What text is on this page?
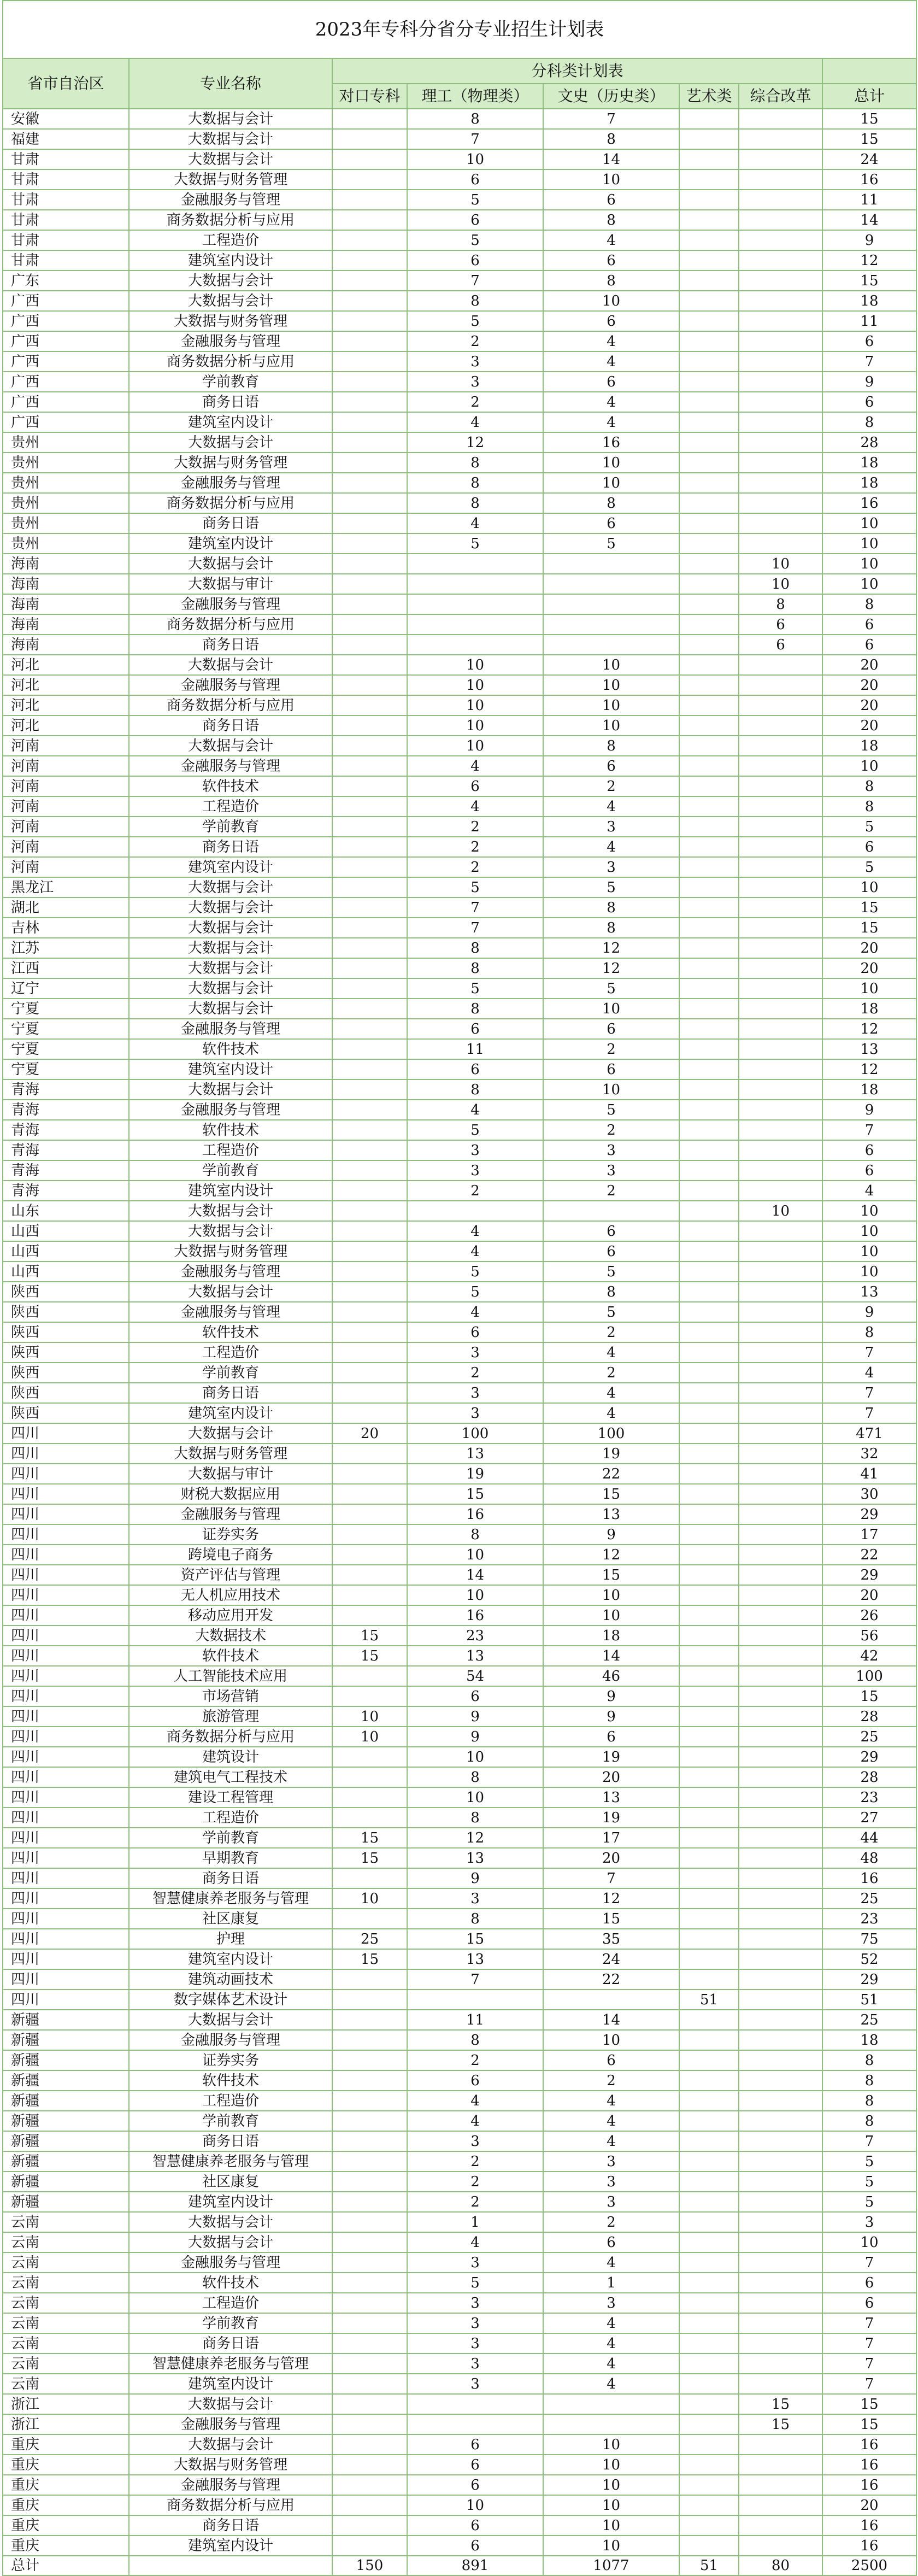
2023年专科分省分专业招生计划表							
省市自治区	专业名称	分科类计划表					
		对口专科	理工（物理类）	文史（历史类）	艺术类	综合改革	总计
安徽	大数据与会计		8	7			15
福建	大数据与会计		7	8			15
甘肃	大数据与会计		10	14			24
甘肃	大数据与财务管理		6	10			16
甘肃	金融服务与管理		5	6			11
甘肃	商务数据分析与应用		6	8			14
甘肃	工程造价		5	4			9
甘肃	建筑室内设计		6	6			12
广东	大数据与会计		7	8			15
广西	大数据与会计		8	10			18
广西	大数据与财务管理		5	6			11
广西	金融服务与管理		2	4			6
广西	商务数据分析与应用		3	4			7
广西	学前教育		3	6			9
广西	商务日语		2	4			6
广西	建筑室内设计		4	4			8
贵州	大数据与会计		12	16			28
贵州	大数据与财务管理		8	10			18
贵州	金融服务与管理		8	10			18
贵州	商务数据分析与应用		8	8			16
贵州	商务日语		4	6			10
贵州	建筑室内设计		5	5			10
海南	大数据与会计					10	10
海南	大数据与审计					10	10
海南	金融服务与管理					8	8
海南	商务数据分析与应用					6	6
海南	商务日语					6	6
河北	大数据与会计		10	10			20
河北	金融服务与管理		10	10			20
河北	商务数据分析与应用		10	10			20
河北	商务日语		10	10			20
河南	大数据与会计		10	8			18
河南	金融服务与管理		4	6			10
河南	软件技术		6	2			8
河南	工程造价		4	4			8
河南	学前教育		2	3			5
河南	商务日语		2	4			6
河南	建筑室内设计		2	3			5
黑龙江	大数据与会计		5	5			10
湖北	大数据与会计		7	8			15
吉林	大数据与会计		7	8			15
江苏	大数据与会计		8	12			20
江西	大数据与会计		8	12			20
辽宁	大数据与会计		5	5			10
宁夏	大数据与会计		8	10			18
宁夏	金融服务与管理		6	6			12
宁夏	软件技术		11	2			13
宁夏	建筑室内设计		6	6			12
青海	大数据与会计		8	10			18
青海	金融服务与管理		4	5			9
青海	软件技术		5	2			7
青海	工程造价		3	3			6
青海	学前教育		3	3			6
青海	建筑室内设计		2	2			4
山东	大数据与会计					10	10
山西	大数据与会计		4	6			10
山西	大数据与财务管理		4	6			10
山西	金融服务与管理		5	5			10
陕西	大数据与会计		5	8			13
陕西	金融服务与管理		4	5			9
陕西	软件技术		6	2			8
陕西	工程造价		3	4			7
陕西	学前教育		2	2			4
陕西	商务日语		3	4			7
陕西	建筑室内设计		3	4			7
四川	大数据与会计	20	100	100			471
四川	大数据与财务管理		13	19			32
四川	大数据与审计		19	22			41
四川	财税大数据应用		15	15			30
四川	金融服务与管理		16	13			29
四川	证券实务		8	9			17
四川	跨境电子商务		10	12			22
四川	资产评估与管理		14	15			29
四川	无人机应用技术		10	10			20
四川	移动应用开发		16	10			26
四川	大数据技术	15	23	18			56
四川	软件技术	15	13	14			42
四川	人工智能技术应用		54	46			100
四川	市场营销		6	9			15
四川	旅游管理	10	9	9			28
四川	商务数据分析与应用	10	9	6			25
四川	建筑设计		10	19			29
四川	建筑电气工程技术		8	20			28
四川	建设工程管理		10	13			23
四川	工程造价		8	19			27
四川	学前教育	15	12	17			44
四川	早期教育	15	13	20			48
四川	商务日语		9	7			16
四川	智慧健康养老服务与管理	10	3	12			25
四川	社区康复		8	15			23
四川	护理	25	15	35			75
四川	建筑室内设计	15	13	24			52
四川	建筑动画技术		7	22			29
四川	数字媒体艺术设计				51		51
新疆	大数据与会计		11	14			25
新疆	金融服务与管理		8	10			18
新疆	证券实务		2	6			8
新疆	软件技术		6	2			8
新疆	工程造价		4	4			8
新疆	学前教育		4	4			8
新疆	商务日语		3	4			7
新疆	智慧健康养老服务与管理		2	3			5
新疆	社区康复		2	3			5
新疆	建筑室内设计		2	3			5
云南	大数据与会计		1	2			3
云南	大数据与会计		4	6			10
云南	金融服务与管理		3	4			7
云南	软件技术		5	1			6
云南	工程造价		3	3			6
云南	学前教育		3	4			7
云南	商务日语		3	4			7
云南	智慧健康养老服务与管理		3	4			7
云南	建筑室内设计		3	4			7
浙江	大数据与会计					15	15
浙江	金融服务与管理					15	15
重庆	大数据与会计		6	10			16
重庆	大数据与财务管理		6	10			16
重庆	金融服务与管理		6	10			16
重庆	商务数据分析与应用		10	10			20
重庆	商务日语		6	10			16
重庆	建筑室内设计		6	10			16
总计		150	891	1077	51	80	2500
